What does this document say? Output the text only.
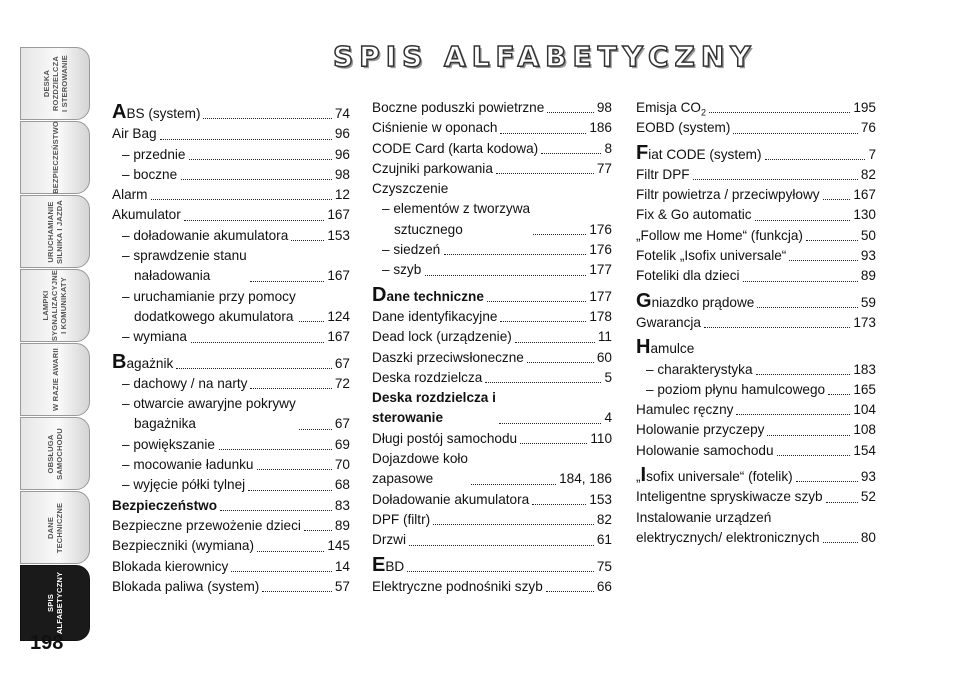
DESKA
ROZDZIELCZA
I STEROWANIE
BEZPIECZEŃSTWO
URUCHAMIANIE
SILNIKA I JAZDA
LAMPKI
SYGNALIZACYJNE
I KOMUNIKATY
W RAZIE AWARII
OBSŁUGA
SAMOCHODU
DANE
TECHNICZNE
SPIS
ALFABETYCZNY
198
SPIS ALFABETYCZNY
ABS (system)	74
Air Bag	96
– przednie	96
– boczne	98
Alarm	12
Akumulator	167
– doładowanie akumulatora	153
– sprawdzenie stanu
naładowania	167
– uruchamianie przy pomocy
dodatkowego akumulatora 124
– wymiana	167
Bagażnik	67
– dachowy / na narty	72
– otwarcie awaryjne pokrywy
bagażnika	67
– powiększanie	69
– mocowanie ładunku	70
– wyjęcie półki tylnej	68
Bezpieczeństwo	83
Bezpieczne przewożenie dzieci 89
Bezpieczniki (wymiana)	145
Blokada kierownicy	14
Blokada paliwa (system)	57
Boczne poduszki powietrzne	98
Ciśnienie w oponach	186
CODE Card (karta kodowa)	8
Czujniki parkowania	77
Czyszczenie
– elementów z tworzywa
sztucznego	176
– siedzeń	176
– szyb	177
Dane techniczne	177
Dane identyfikacyjne	178
Dead lock (urządzenie)	11
Daszki przeciwsłoneczne	60
Deska rozdzielcza	5
Deska rozdzielcza i
sterowanie	4
Długi postój samochodu	110
Dojazdowe koło
zapasowe	184, 186
Doładowanie akumulatora	153
DPF (filtr)	82
Drzwi	61
EBD	75
Elektryczne podnośniki szyb	66
Emisja $CO_2$	195
EOBD (system)	76
Fiat CODE (system)	7
Filtr DPF	82
Filtr powietrza / przeciwpyłowy 167
Fix & Go automatic	130
„Follow me Home“ (funkcja)	50
Fotelik „Isofix universale“	93
Foteliki dla dzieci	89
Gniazdko prądowe	59
Gwarancja	173
Hamulce
– charakterystyka	183
– poziom płynu hamulcowego 165
Hamulec ręczny	104
Holowanie przyczepy	108
Holowanie samochodu	154
„Isofix universale“ (fotelik)	93
Inteligentne spryskiwacze szyb	52
Instalowanie urządzeń
elektrycznych/ elektronicznych	80
